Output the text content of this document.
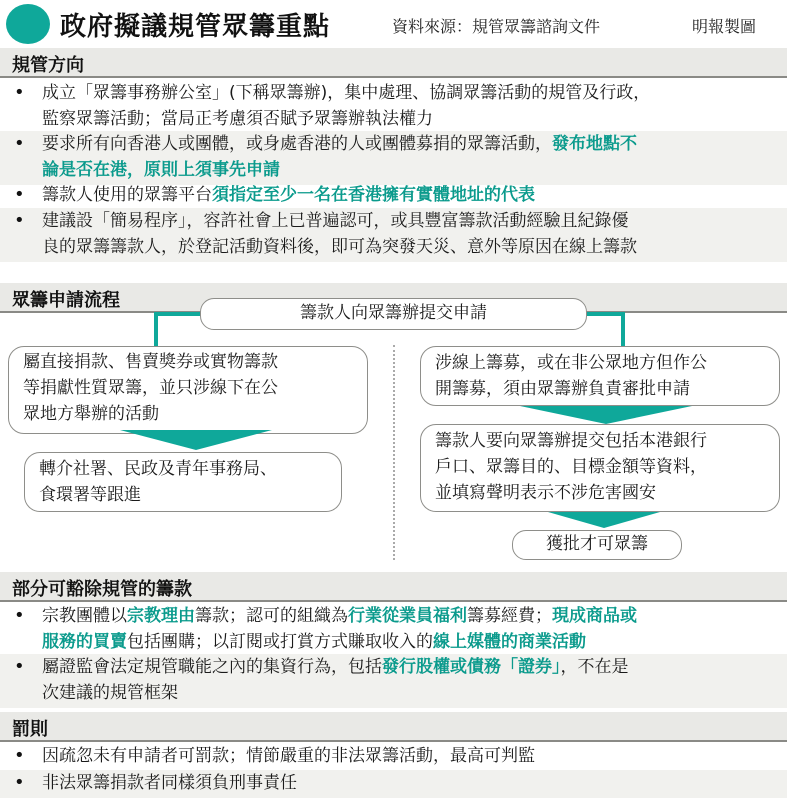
政府擬議規管眾籌重點	資料來源：規管眾籌諮詢文件	明報製圖
規管方向
• 成立「眾籌事務辦公室」(下稱眾籌辦)，集中處理、協調眾籌活動的規管及行政，
監察眾籌活動；當局正考慮須否賦予眾籌辦執法權力
• 要求所有向香港人或團體，或身處香港的人或團體募捐的眾籌活動，發布地點不
論是否在港，原則上須事先申請
• 籌款人使用的眾籌平台須指定至少一名在香港擁有實體地址的代表
• 建議設「簡易程序」，容許社會上已普遍認可，或具豐富籌款活動經驗且紀錄優
良的眾籌籌款人，於登記活動資料後，即可為突發天災、意外等原因在線上籌款
眾籌申請流程
籌款人向眾籌辦提交申請
屬直接捐款、售賣獎券或實物籌款
等捐獻性質眾籌，並只涉線下在公
眾地方舉辦的活動
轉介社署、民政及青年事務局、
食環署等跟進
涉線上籌募，或在非公眾地方但作公
開籌募，須由眾籌辦負責審批申請
籌款人要向眾籌辦提交包括本港銀行
戶口、眾籌目的、目標金額等資料，
並填寫聲明表示不涉危害國安
獲批才可眾籌
部分可豁除規管的籌款
• 宗教團體以宗教理由籌款；認可的組織為行業從業員福利籌募經費；現成商品或
服務的買賣包括團購；以訂閱或打賞方式賺取收入的線上媒體的商業活動
• 屬證監會法定規管職能之內的集資行為，包括發行股權或債務「證券」，不在是
次建議的規管框架
罰則
• 因疏忽未有申請者可罰款；情節嚴重的非法眾籌活動，最高可判監
• 非法眾籌捐款者同樣須負刑事責任
